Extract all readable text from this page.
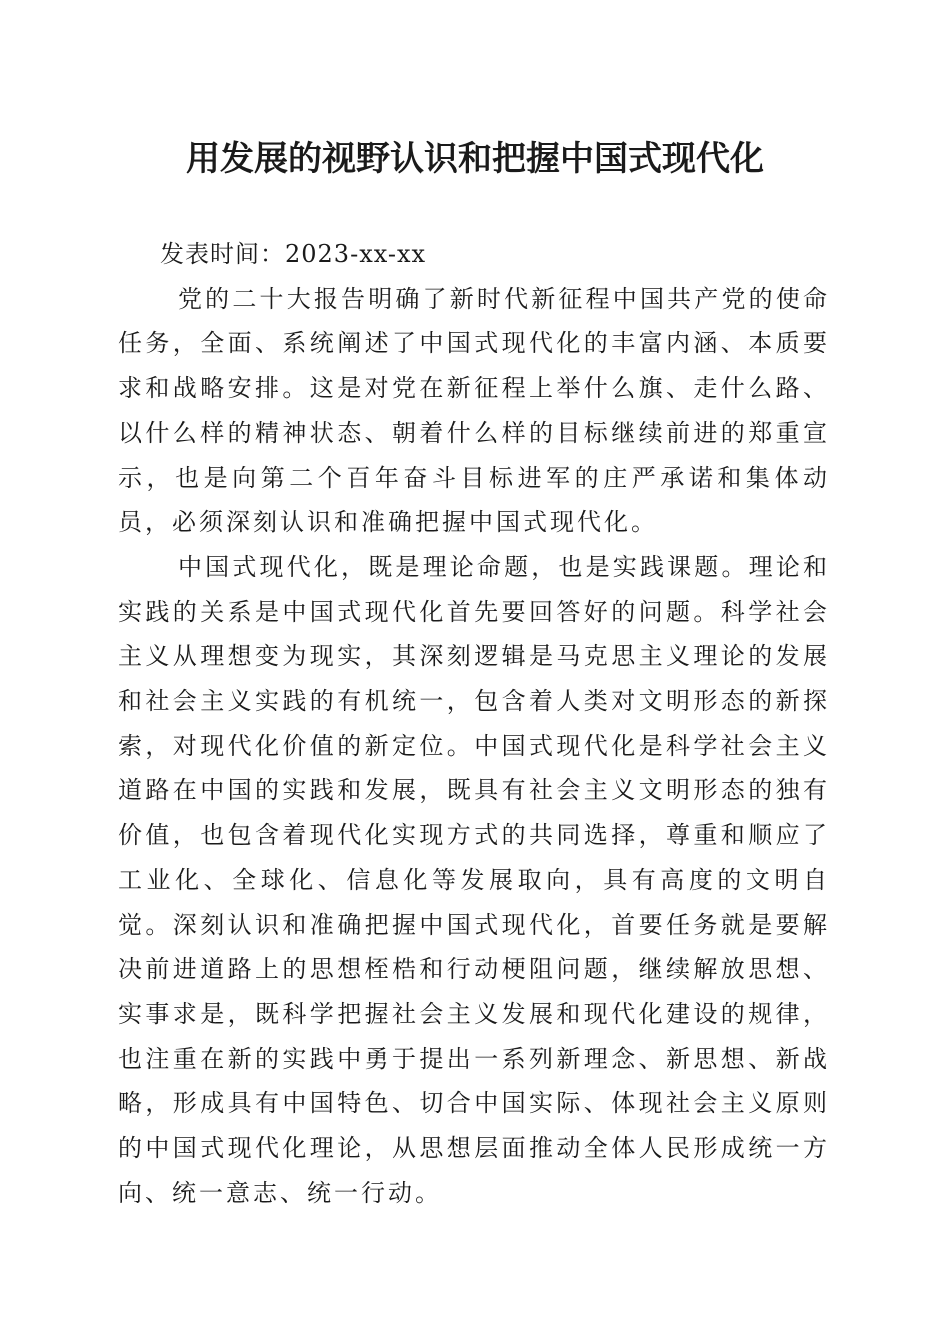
用发展的视野认识和把握中国式现代化

发表时间：2023-xx-xx

党的二十大报告明确了新时代新征程中国共产党的使命任务，全面、系统阐述了中国式现代化的丰富内涵、本质要求和战略安排。这是对党在新征程上举什么旗、走什么路、以什么样的精神状态、朝着什么样的目标继续前进的郑重宣示，也是向第二个百年奋斗目标进军的庄严承诺和集体动员，必须深刻认识和准确把握中国式现代化。

中国式现代化，既是理论命题，也是实践课题。理论和实践的关系是中国式现代化首先要回答好的问题。科学社会主义从理想变为现实，其深刻逻辑是马克思主义理论的发展和社会主义实践的有机统一，包含着人类对文明形态的新探索，对现代化价值的新定位。中国式现代化是科学社会主义道路在中国的实践和发展，既具有社会主义文明形态的独有价值，也包含着现代化实现方式的共同选择，尊重和顺应了工业化、全球化、信息化等发展取向，具有高度的文明自觉。深刻认识和准确把握中国式现代化，首要任务就是要解决前进道路上的思想桎梏和行动梗阻问题，继续解放思想、实事求是，既科学把握社会主义发展和现代化建设的规律，也注重在新的实践中勇于提出一系列新理念、新思想、新战略，形成具有中国特色、切合中国实际、体现社会主义原则的中国式现代化理论，从思想层面推动全体人民形成统一方向、统一意志、统一行动。
